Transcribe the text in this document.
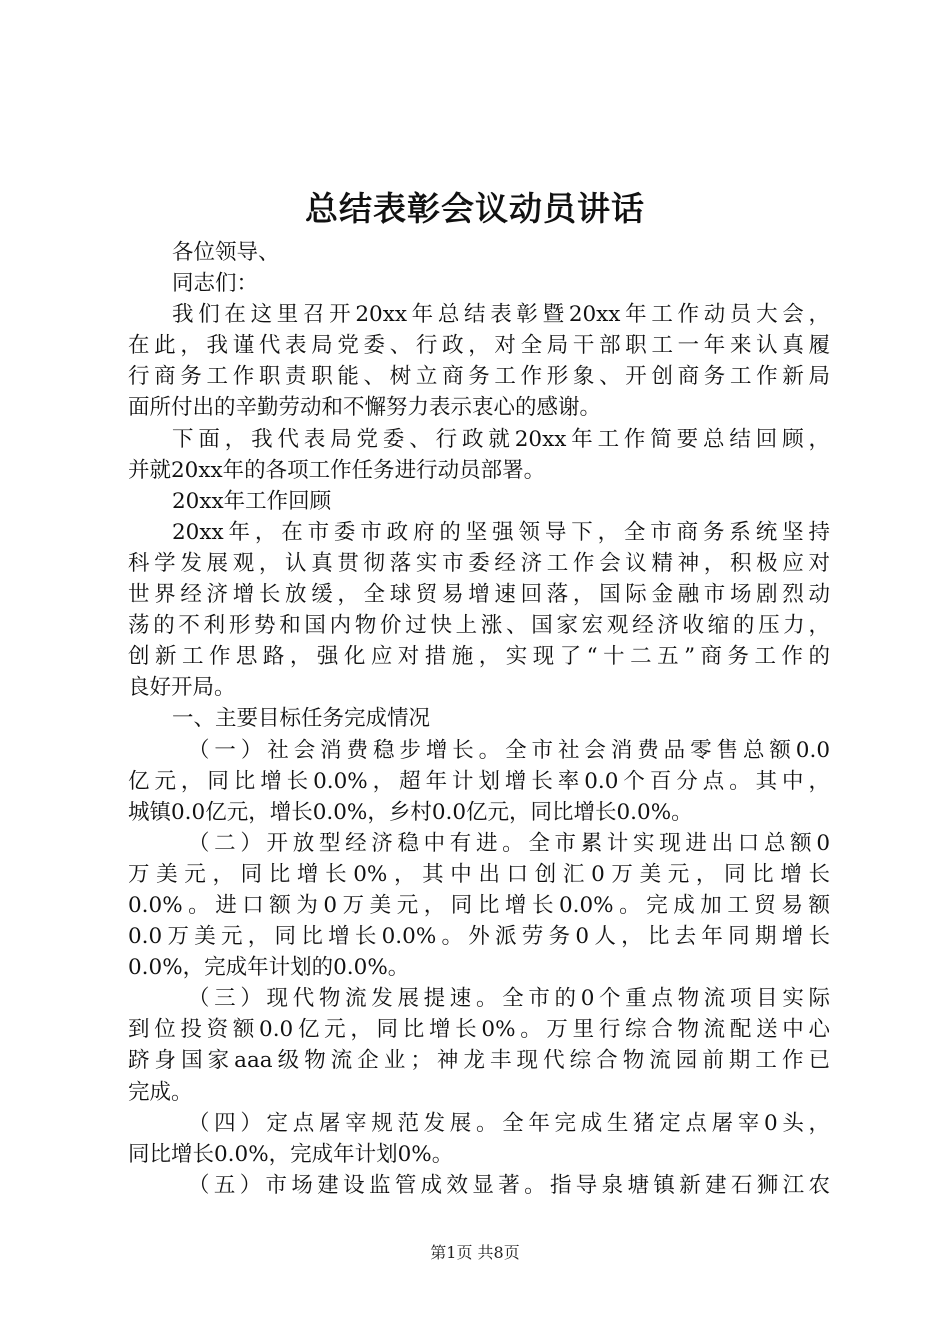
总结表彰会议动员讲话
各位领导、
同志们：
我们在这里召开20xx年总结表彰暨20xx年工作动员大会，
在此，我谨代表局党委、行政，对全局干部职工一年来认真履
行商务工作职责职能、树立商务工作形象、开创商务工作新局
面所付出的辛勤劳动和不懈努力表示衷心的感谢。
下面，我代表局党委、行政就20xx年工作简要总结回顾，
并就20xx年的各项工作任务进行动员部署。
20xx年工作回顾
20xx年，在市委市政府的坚强领导下，全市商务系统坚持
科学发展观，认真贯彻落实市委经济工作会议精神，积极应对
世界经济增长放缓，全球贸易增速回落，国际金融市场剧烈动
荡的不利形势和国内物价过快上涨、国家宏观经济收缩的压力，
创新工作思路，强化应对措施，实现了“十二五”商务工作的
良好开局。
一、主要目标任务完成情况
（一）社会消费稳步增长。全市社会消费品零售总额0.0
亿元，同比增长0.0%，超年计划增长率0.0个百分点。其中，
城镇0.0亿元，增长0.0%，乡村0.0亿元，同比增长0.0%。
（二）开放型经济稳中有进。全市累计实现进出口总额0
万美元，同比增长0%，其中出口创汇0万美元，同比增长
0.0%。进口额为0万美元，同比增长0.0%。完成加工贸易额
0.0万美元，同比增长0.0%。外派劳务0人，比去年同期增长
0.0%，完成年计划的0.0%。
（三）现代物流发展提速。全市的0个重点物流项目实际
到位投资额0.0亿元，同比增长0%。万里行综合物流配送中心
跻身国家aaa级物流企业；神龙丰现代综合物流园前期工作已
完成。
（四）定点屠宰规范发展。全年完成生猪定点屠宰0头，
同比增长0.0%，完成年计划0%。
（五）市场建设监管成效显著。指导泉塘镇新建石狮江农
第1页 共8页
